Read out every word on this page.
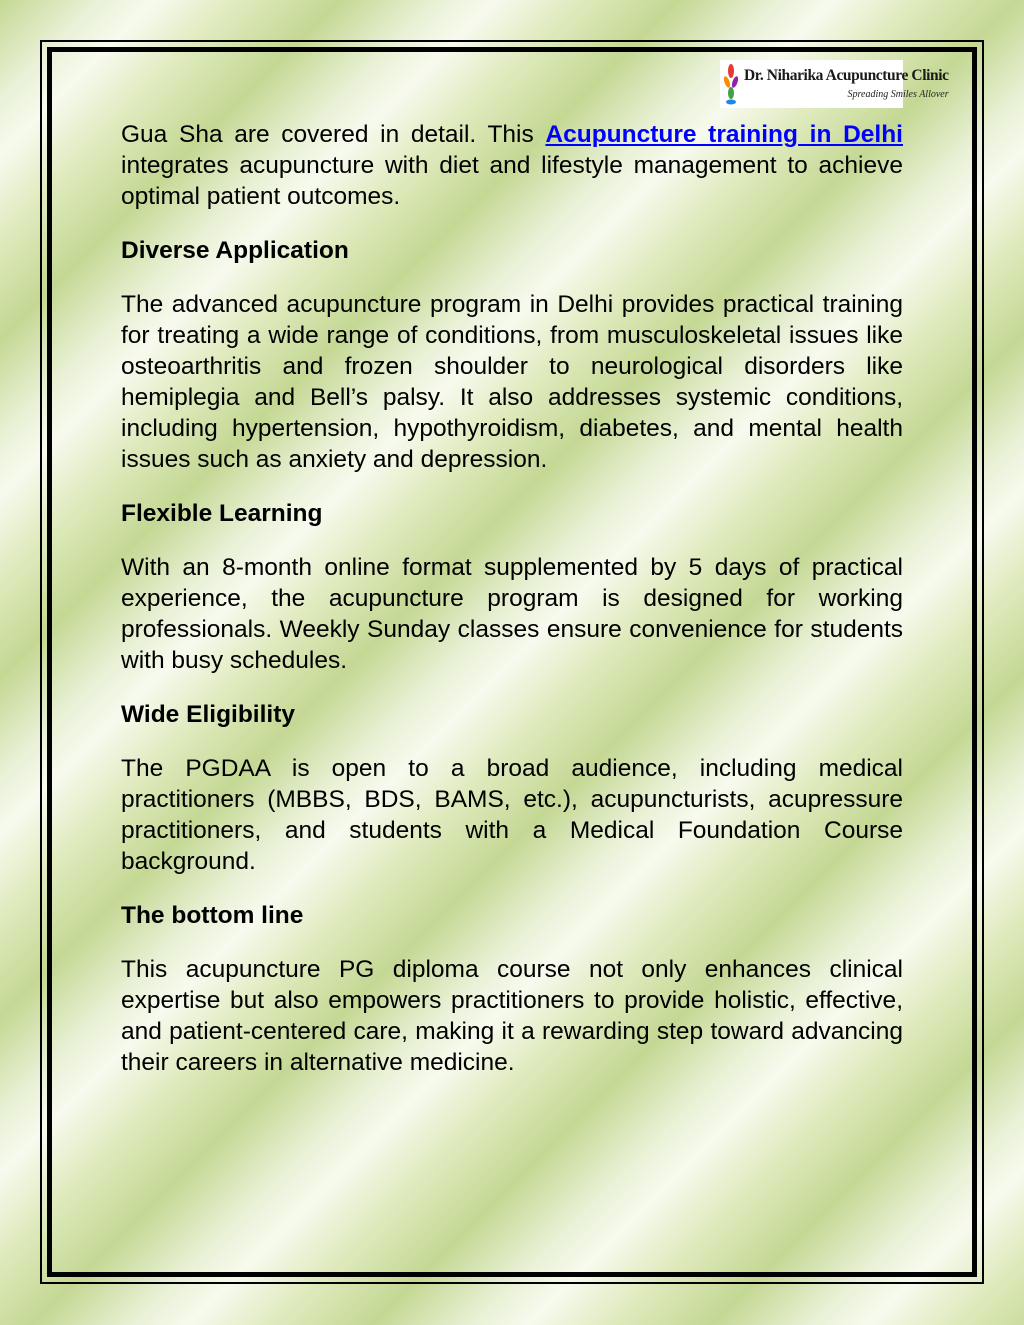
Dr. Niharika Acupuncture Clinic
Spreading Smiles Allover

Gua Sha are covered in detail. This Acupuncture training in Delhi integrates acupuncture with diet and lifestyle management to achieve optimal patient outcomes.

Diverse Application

The advanced acupuncture program in Delhi provides practical training for treating a wide range of conditions, from musculoskeletal issues like osteoarthritis and frozen shoulder to neurological disorders like hemiplegia and Bell’s palsy. It also addresses systemic conditions, including hypertension, hypothyroidism, diabetes, and mental health issues such as anxiety and depression.

Flexible Learning

With an 8-month online format supplemented by 5 days of practical experience, the acupuncture program is designed for working professionals. Weekly Sunday classes ensure convenience for students with busy schedules.

Wide Eligibility

The PGDAA is open to a broad audience, including medical practitioners (MBBS, BDS, BAMS, etc.), acupuncturists, acupressure practitioners, and students with a Medical Foundation Course background.

The bottom line

This acupuncture PG diploma course not only enhances clinical expertise but also empowers practitioners to provide holistic, effective, and patient-centered care, making it a rewarding step toward advancing their careers in alternative medicine.
